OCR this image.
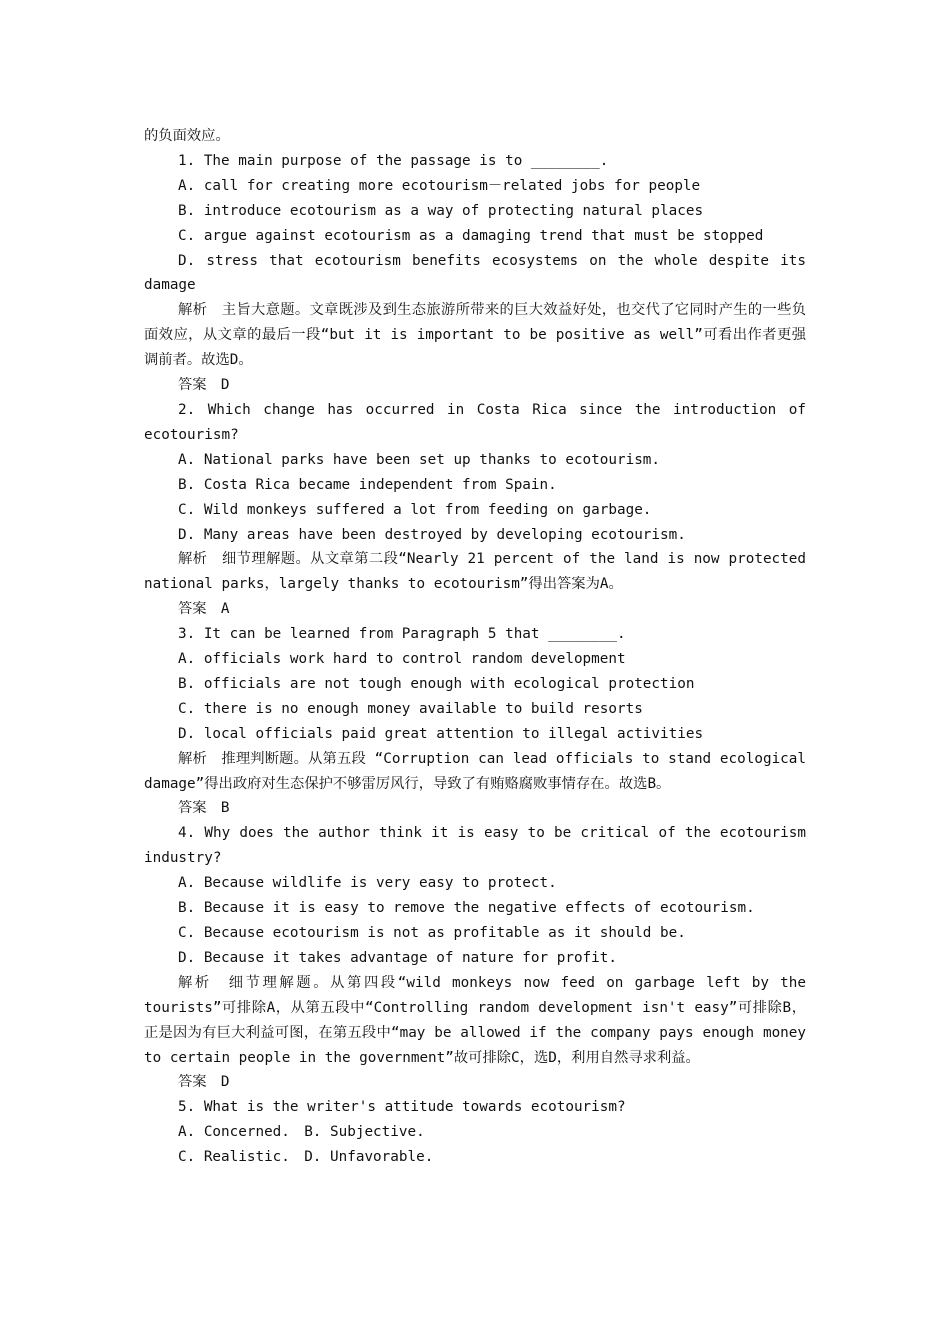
的负面效应。

1. The main purpose of the passage is to ________.

A. call for creating more ecotourism－related jobs for people

B. introduce ecotourism as a way of protecting natural places

C. argue against ecotourism as a damaging trend that must be stopped

D. stress that ecotourism benefits ecosystems on the whole despite its damage

解析　主旨大意题。文章既涉及到生态旅游所带来的巨大效益好处，也交代了它同时产生的一些负面效应，从文章的最后一段“but it is important to be positive as well”可看出作者更强调前者。故选D。

答案　D

2. Which change has occurred in Costa Rica since the introduction of ecotourism?

A. National parks have been set up thanks to ecotourism.

B. Costa Rica became independent from Spain.

C. Wild monkeys suffered a lot from feeding on garbage.

D. Many areas have been destroyed by developing ecotourism.

解析　细节理解题。从文章第二段“Nearly 21 percent of the land is now protected national parks，largely thanks to ecotourism”得出答案为A。

答案　A

3. It can be learned from Paragraph 5 that ________.

A. officials work hard to control random development

B. officials are not tough enough with ecological protection

C. there is no enough money available to build resorts

D. local officials paid great attention to illegal activities

解析　推理判断题。从第五段 “Corruption can lead officials to stand ecological damage”得出政府对生态保护不够雷厉风行，导致了有贿赂腐败事情存在。故选B。

答案　B

4. Why does the author think it is easy to be critical of the ecotourism industry?

A. Because wildlife is very easy to protect.

B. Because it is easy to remove the negative effects of ecotourism.

C. Because ecotourism is not as profitable as it should be.

D. Because it takes advantage of nature for profit.

解析　细节理解题。从第四段“wild monkeys now feed on garbage left by the tourists”可排除A，从第五段中“Controlling random development isn't easy”可排除B，正是因为有巨大利益可图，在第五段中“may be allowed if the company pays enough money to certain people in the government”故可排除C，选D，利用自然寻求利益。

答案　D

5. What is the writer's attitude towards ecotourism?

A. Concerned.　B. Subjective.

C. Realistic.　D. Unfavorable.
